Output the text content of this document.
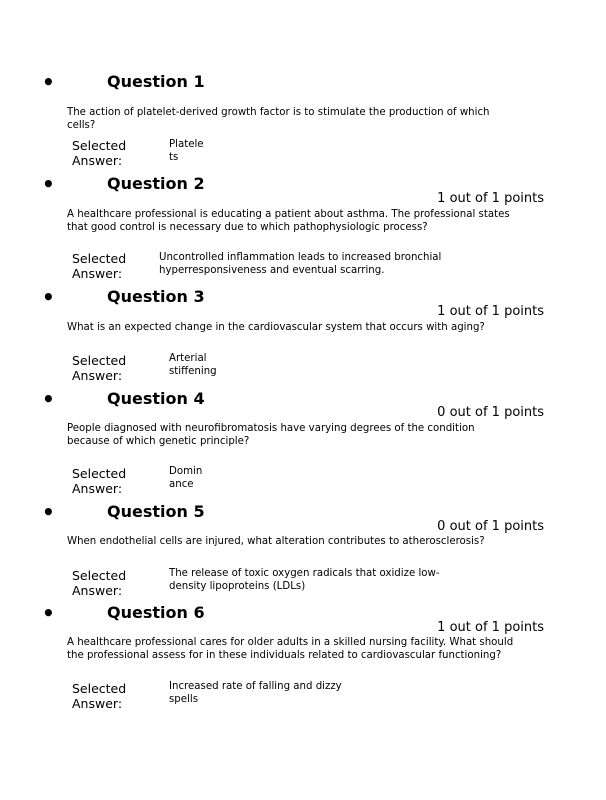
•	Question 1
The action of platelet-derived growth factor is to stimulate the production of which cells?
Selected Answer:
Platelets
•	Question 2
1 out of 1 points
A healthcare professional is educating a patient about asthma. The professional states that good control is necessary due to which pathophysiologic process?
Selected Answer:
Uncontrolled inflammation leads to increased bronchial hyperresponsiveness and eventual scarring.
•	Question 3
1 out of 1 points
What is an expected change in the cardiovascular system that occurs with aging?
Selected Answer:
Arterial stiffening
•	Question 4
0 out of 1 points
People diagnosed with neurofibromatosis have varying degrees of the condition because of which genetic principle?
Selected Answer:
Dominance
•	Question 5
0 out of 1 points
When endothelial cells are injured, what alteration contributes to atherosclerosis?
Selected Answer:
The release of toxic oxygen radicals that oxidize low-density lipoproteins (LDLs)
•	Question 6
1 out of 1 points
A healthcare professional cares for older adults in a skilled nursing facility. What should the professional assess for in these individuals related to cardiovascular functioning?
Selected Answer:
Increased rate of falling and dizzy spells
